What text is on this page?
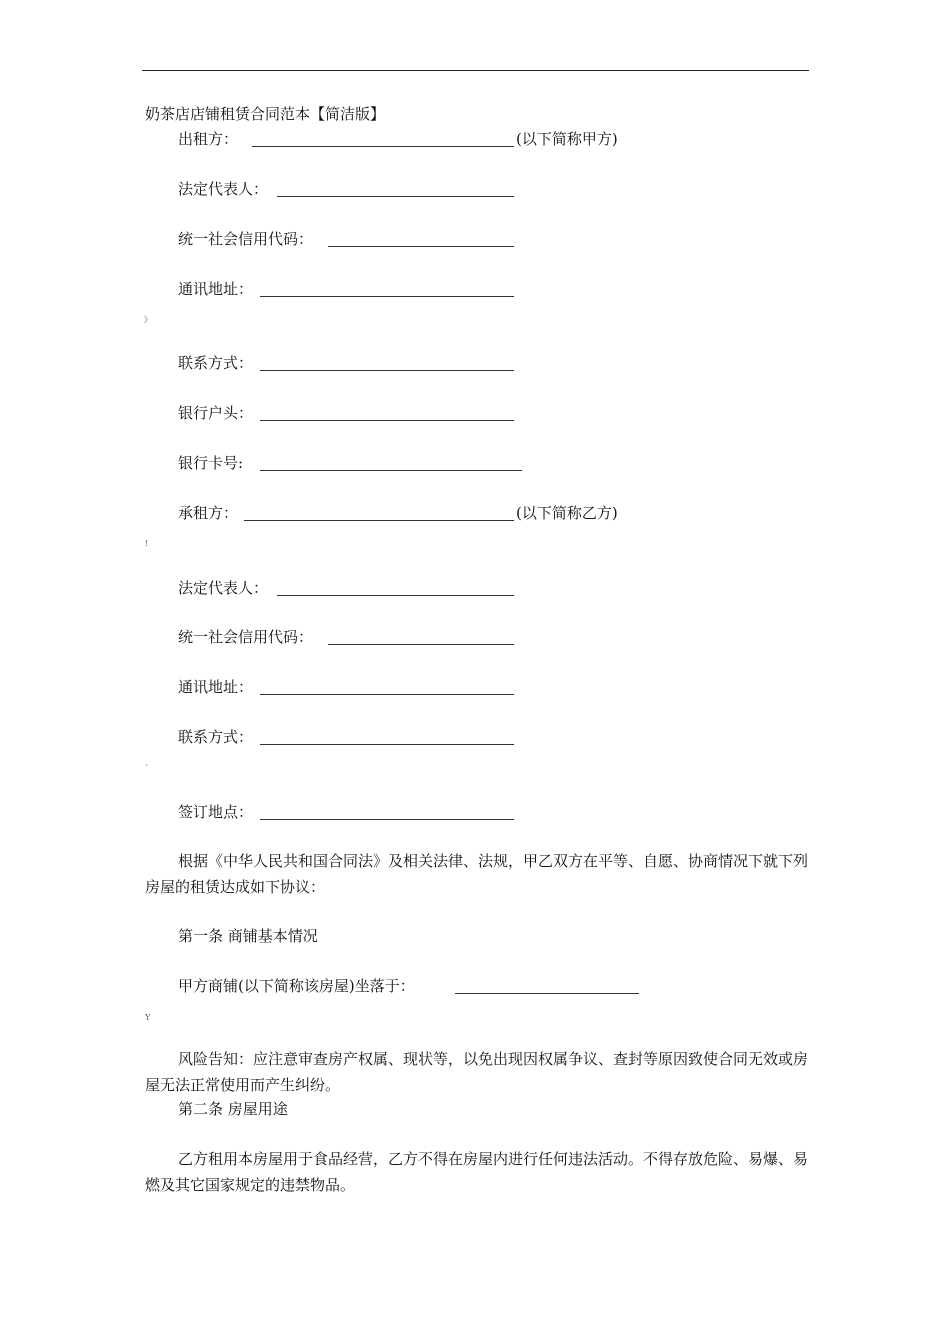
奶茶店店铺租赁合同范本【简洁版】
出租方：	(以下简称甲方)
法定代表人：
统一社会信用代码：
通讯地址：
》
联系方式：
银行户头：
银行卡号:
承租方：	(以下简称乙方)
!
法定代表人：
统一社会信用代码：
通讯地址：
联系方式：
`
签订地点：
根据《中华人民共和国合同法》及相关法律、法规，甲乙双方在平等、自愿、协商情况下就下列房屋的租赁达成如下协议：
第一条 商铺基本情况
甲方商铺(以下简称该房屋)坐落于：
Y
风险告知：应注意审查房产权属、现状等，以免出现因权属争议、查封等原因致使合同无效或房屋无法正常使用而产生纠纷。
第二条 房屋用途
乙方租用本房屋用于食品经营，乙方不得在房屋内进行任何违法活动。不得存放危险、易爆、易燃及其它国家规定的违禁物品。
